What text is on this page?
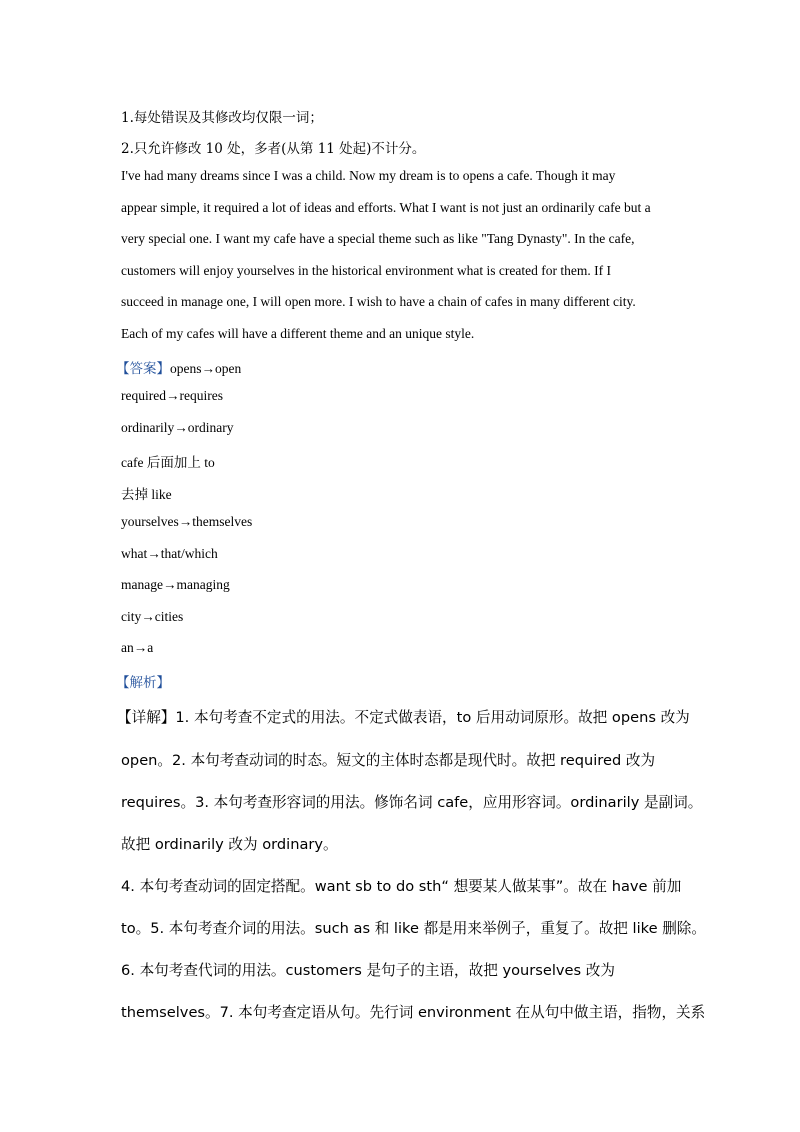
1.每处错误及其修改均仅限一词；
2.只允许修改 10 处，多者(从第 11 处起)不计分。
I've had many dreams since I was a child. Now my dream is to opens a cafe. Though it may
appear simple, it required a lot of ideas and efforts. What I want is not just an ordinarily cafe but a
very special one. I want my cafe have a special theme such as like "Tang Dynasty". In the cafe,
customers will enjoy yourselves in the historical environment what is created for them. If I
succeed in manage one, I will open more. I wish to have a chain of cafes in many different city.
Each of my cafes will have a different theme and an unique style.
【答案】opens→open
required→requires
ordinarily→ordinary
cafe 后面加上 to
去掉 like
yourselves→themselves
what→that/which
manage→managing
city→cities
an→a
【解析】
【详解】1. 本句考查不定式的用法。不定式做表语，to 后用动词原形。故把 opens 改为
open。2. 本句考查动词的时态。短文的主体时态都是现代时。故把 required 改为
requires。3. 本句考查形容词的用法。修饰名词 cafe，应用形容词。ordinarily 是副词。
故把 ordinarily 改为 ordinary。
4. 本句考查动词的固定搭配。want sb to do sth“ 想要某人做某事”。故在 have 前加
to。5. 本句考查介词的用法。such as 和 like 都是用来举例子，重复了。故把 like 删除。
6. 本句考查代词的用法。customers 是句子的主语，故把 yourselves 改为
themselves。7. 本句考查定语从句。先行词 environment 在从句中做主语，指物，关系
